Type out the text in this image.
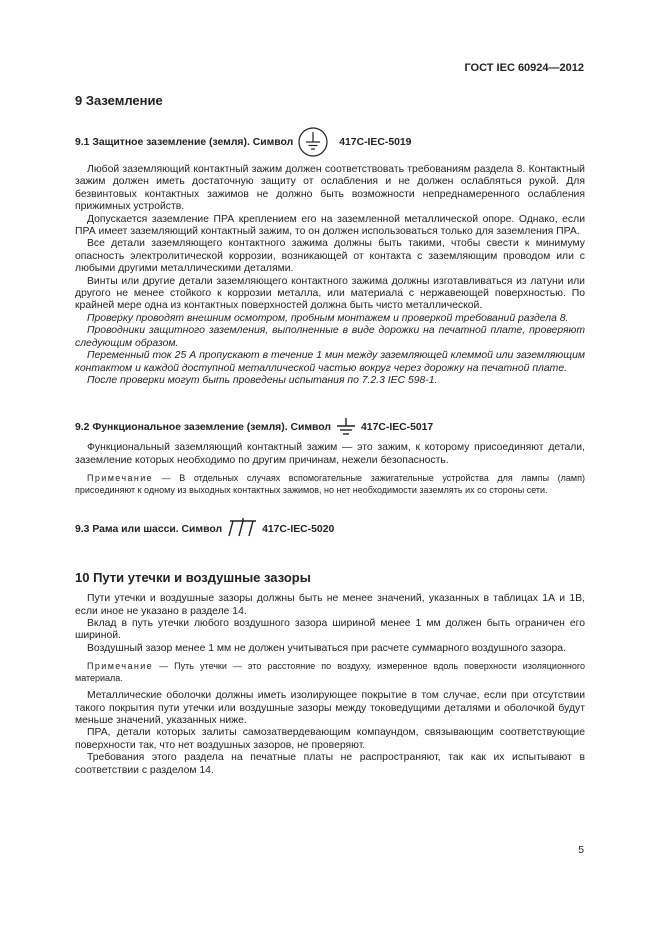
ГОСТ IEC 60924—2012
9 Заземление
9.1 Защитное заземление (земля). Символ	417C-IEC-5019

Любой заземляющий контактный зажим должен соответствовать требованиям раздела 8. Контактный зажим должен иметь достаточную защиту от ослабления и не должен ослабляться рукой. Для безвинтовых контактных зажимов не должно быть возможности непреднамеренного ослабления прижимных устройств.

Допускается заземление ПРА креплением его на заземленной металлической опоре. Однако, если ПРА имеет заземляющий контактный зажим, то он должен использоваться только для заземления ПРА.

Все детали заземляющего контактного зажима должны быть такими, чтобы свести к минимуму опасность электролитической коррозии, возникающей от контакта с заземляющим проводом или с любыми другими металлическими деталями.

Винты или другие детали заземляющего контактного зажима должны изготавливаться из латуни или другого не менее стойкого к коррозии металла, или материала с нержавеющей поверхностью. По крайней мере одна из контактных поверхностей должна быть чисто металлической.

Проверку проводят внешним осмотром, пробным монтажем и проверкой требований раздела 8.

Проводники защитного заземления, выполненные в виде дорожки на печатной плате, проверяют следующим образом.

Переменный ток 25 А пропускают в течение 1 мин между заземляющей клеммой или заземляющим контактом и каждой доступной металлической частью вокруг через дорожку на печатной плате.

После проверки могут быть проведены испытания по 7.2.3 IEC 598-1.

9.2 Функциональное заземление (земля). Символ	417C-IEC-5017

Функциональный заземляющий контактный зажим — это зажим, к которому присоединяют детали, заземление которых необходимо по другим причинам, нежели безопасность.

Примечание — В отдельных случаях вспомогательные зажигательные устройства для лампы (ламп) присоединяют к одному из выходных контактных зажимов, но нет необходимости заземлять их со стороны сети.

9.3 Рама или шасси. Символ	417C-IEC-5020
10 Пути утечки и воздушные зазоры

Пути утечки и воздушные зазоры должны быть не менее значений, указанных в таблицах 1А и 1В, если иное не указано в разделе 14.

Вклад в путь утечки любого воздушного зазора шириной менее 1 мм должен быть ограничен его шириной.

Воздушный зазор менее 1 мм не должен учитываться при расчете суммарного воздушного зазора.

Примечание — Путь утечки — это расстояние по воздуху, измеренное вдоль поверхности изоляционного материала.

Металлические оболочки должны иметь изолирующее покрытие в том случае, если при отсутствии такого покрытия пути утечки или воздушные зазоры между токоведущими деталями и оболочкой будут меньше значений, указанных ниже.

ПРА, детали которых залиты самозатвердевающим компаундом, связывающим соответствующие поверхности так, что нет воздушных зазоров, не проверяют.

Требования этого раздела на печатные платы не распространяют, так как их испытывают в соответствии с разделом 14.

5
